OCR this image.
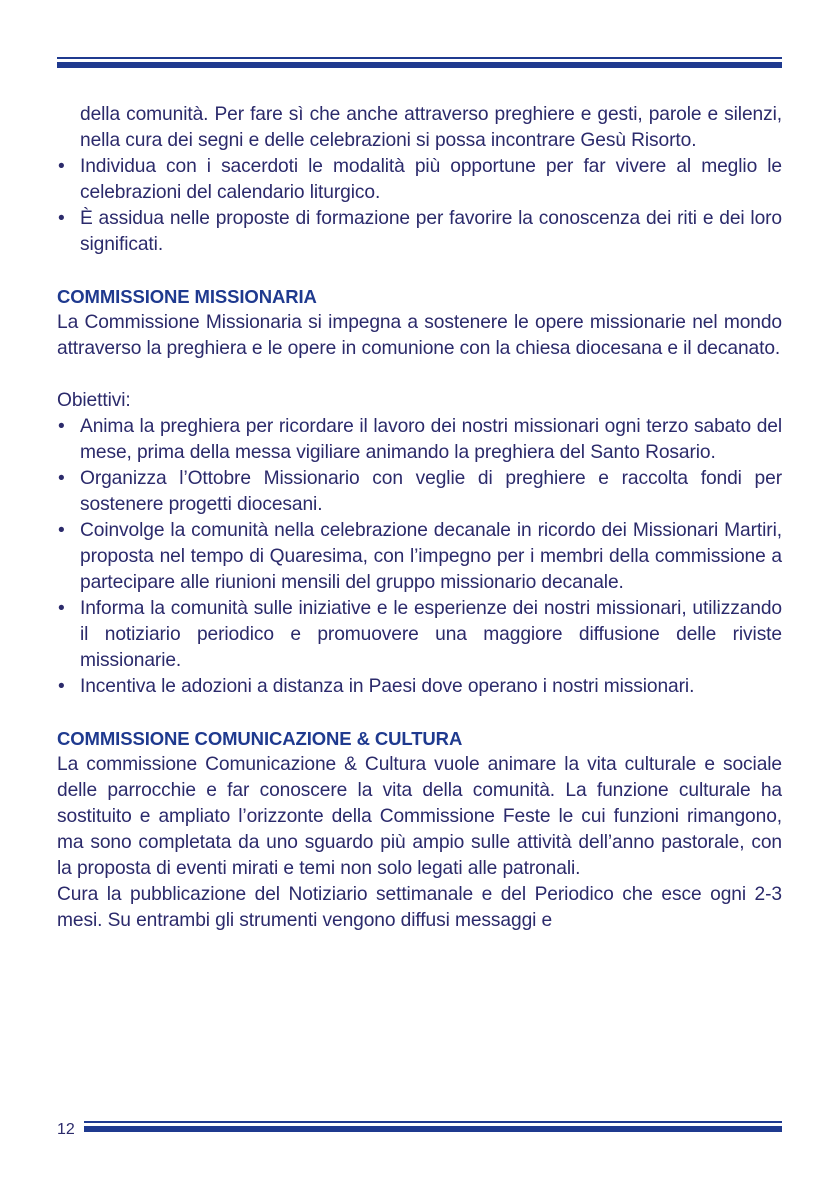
della comunità. Per fare sì che anche attraverso preghiere e gesti, parole e silenzi, nella cura dei segni e delle celebrazioni si possa incontrare Gesù Risorto.
• Individua con i sacerdoti le modalità più opportune per far vivere al meglio le celebrazioni del calendario liturgico.
• È assidua nelle proposte di formazione per favorire la conoscenza dei riti e dei loro significati.

COMMISSIONE MISSIONARIA

La Commissione Missionaria si impegna a sostenere le opere missionarie nel mondo attraverso la preghiera e le opere in comunione con la chiesa diocesana e il decanato.

Obiettivi:

• Anima la preghiera per ricordare il lavoro dei nostri missionari ogni terzo sabato del mese, prima della messa vigiliare animando la preghiera del Santo Rosario.
• Organizza l’Ottobre Missionario con veglie di preghiere e raccolta fondi per sostenere progetti diocesani.
• Coinvolge la comunità nella celebrazione decanale in ricordo dei Missionari Martiri, proposta nel tempo di Quaresima, con l’impegno per i membri della commissione a partecipare alle riunioni mensili del gruppo missionario decanale.
• Informa la comunità sulle iniziative e le esperienze dei nostri missionari, utilizzando il notiziario periodico e promuovere una maggiore diffusione delle riviste missionarie.
• Incentiva le adozioni a distanza in Paesi dove operano i nostri missionari.

COMMISSIONE COMUNICAZIONE & CULTURA

La commissione Comunicazione & Cultura vuole animare la vita culturale e sociale delle parrocchie e far conoscere la vita della comunità. La funzione culturale ha sostituito e ampliato l’orizzonte della Commissione Feste le cui funzioni rimangono, ma sono completata da uno sguardo più ampio sulle attività dell’anno pastorale, con la proposta di eventi mirati e temi non solo legati alle patronali.

Cura la pubblicazione del Notiziario settimanale e del Periodico che esce ogni 2-3 mesi. Su entrambi gli strumenti vengono diffusi messaggi e

12
